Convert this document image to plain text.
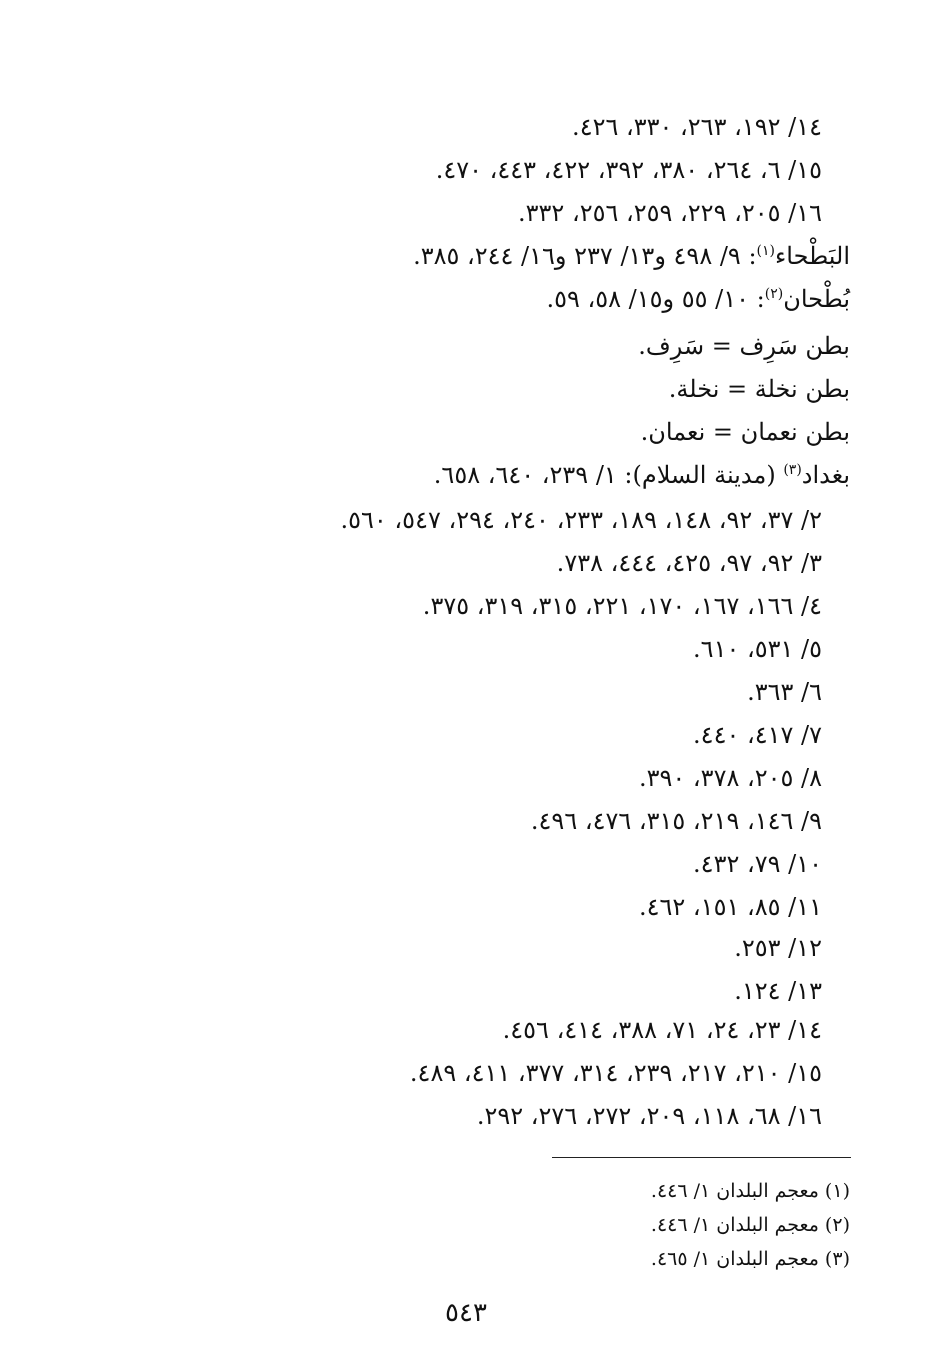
١٤/ ١٩٢، ٢٦٣، ٣٣٠، ٤٢٦.
١٥/ ٦، ٢٦٤، ٣٨٠، ٣٩٢، ٤٢٢، ٤٤٣، ٤٧٠.
١٦/ ٢٠٥، ٢٢٩، ٢٥٩، ٢٥٦، ٣٣٢.
البَطْحاء$^{(١)}$: ٩/ ٤٩٨ و١٣/ ٢٣٧ و١٦/ ٢٤٤، ٣٨٥.
بُطْحان$^{(٢)}$: ١٠/ ٥٥ و١٥/ ٥٨، ٥٩.
بطن سَرِف = سَرِف.
بطن نخلة = نخلة.
بطن نعمان = نعمان.
بغداد$^{(٣)}$ (مدينة السلام): ١/ ٢٣٩، ٦٤٠، ٦٥٨.
٢/ ٣٧، ٩٢، ١٤٨، ١٨٩، ٢٣٣، ٢٤٠، ٢٩٤، ٥٤٧، ٥٦٠.
٣/ ٩٢، ٩٧، ٤٢٥، ٤٤٤، ٧٣٨.
٤/ ١٦٦، ١٦٧، ١٧٠، ٢٢١، ٣١٥، ٣١٩، ٣٧٥.
٥/ ٥٣١، ٦١٠.
٦/ ٣٦٣.
٧/ ٤١٧، ٤٤٠.
٨/ ٢٠٥، ٣٧٨، ٣٩٠.
٩/ ١٤٦، ٢١٩، ٣١٥، ٤٧٦، ٤٩٦.
١٠/ ٧٩، ٤٣٢.
١١/ ٨٥، ١٥١، ٤٦٢.
١٢/ ٢٥٣.
١٣/ ١٢٤.
١٤/ ٢٣، ٢٤، ٧١، ٣٨٨، ٤١٤، ٤٥٦.
١٥/ ٢١٠، ٢١٧، ٢٣٩، ٣١٤، ٣٧٧، ٤١١، ٤٨٩.
١٦/ ٦٨، ١١٨، ٢٠٩، ٢٧٢، ٢٧٦، ٢٩٢.
(١) معجم البلدان ١/ ٤٤٦.
(٢) معجم البلدان ١/ ٤٤٦.
(٣) معجم البلدان ١/ ٤٦٥.
٥٤٣
